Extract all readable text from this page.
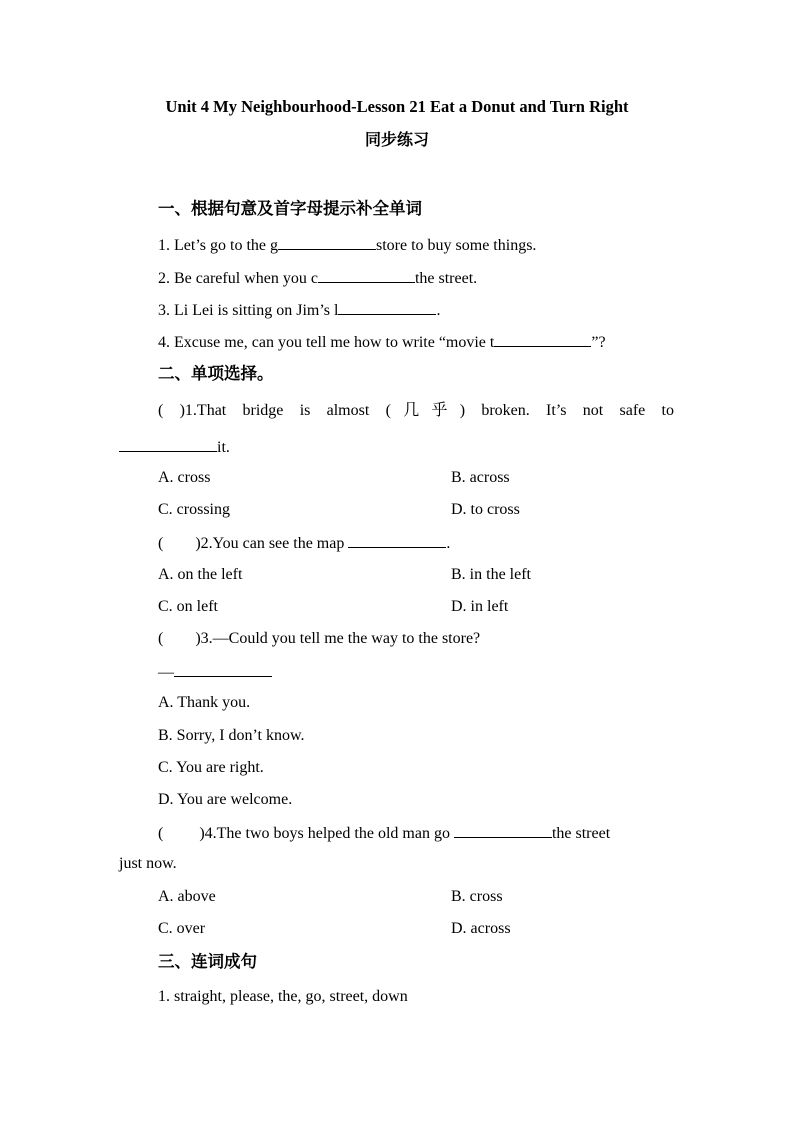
Unit 4 My Neighbourhood-Lesson 21 Eat a Donut and Turn Right
同步练习
一、根据句意及首字母提示补全单词
1. Let’s go to the g	store to buy some things.
2. Be careful when you c	the street.
3. Li Lei is sitting on Jim’s l	.
4. Excuse me, can you tell me how to write “movie t	”?
二、单项选择。
( )1.That bridge is almost (几乎) broken. It’s not safe to
it.
A. cross	B. across
C. crossing	D. to cross
(        )2.You can see the map	.
A. on the left	B. in the left
C. on left	D. in left
(        )3.—Could you tell me the way to the store?
—
A. Thank you.
B. Sorry, I don’t know.
C. You are right.
D. You are welcome.
(         )4.The two boys helped the old man go	the street
just now.
A. above	B. cross
C. over	D. across
三、连词成句
1. straight, please, the, go, street, down
